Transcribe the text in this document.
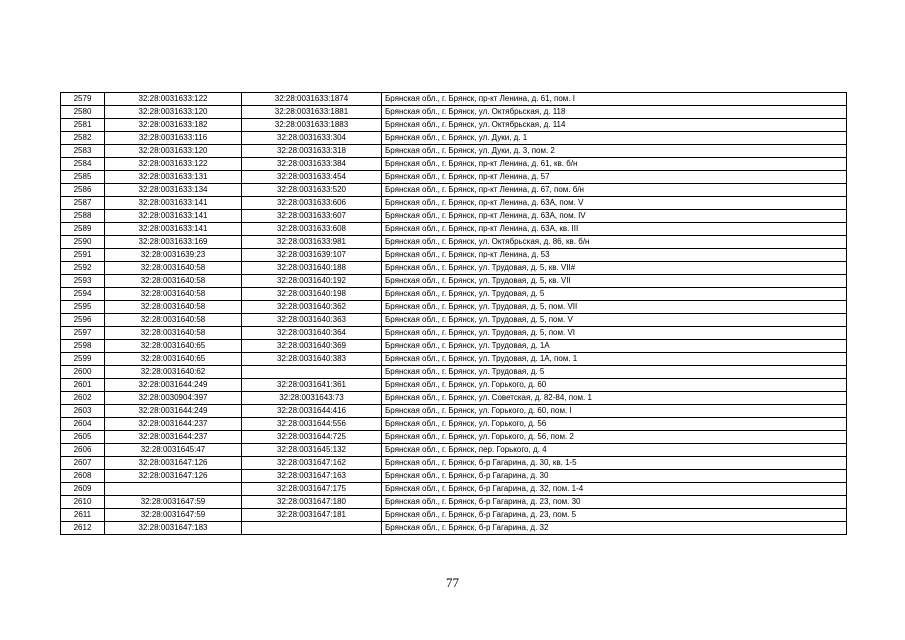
2579	32:28:0031633:122	32:28:0031633:1874	Брянская обл., г. Брянск, пр-кт Ленина, д. 61, пом. I
2580	32:28:0031633:120	32:28:0031633:1881	Брянская обл., г. Брянск, ул. Октябрьская, д. 118
2581	32:28:0031633:182	32:28:0031633:1883	Брянская обл., г. Брянск, ул. Октябрьская, д. 114
2582	32:28:0031633:116	32:28:0031633:304	Брянская обл., г. Брянск, ул. Дуки, д. 1
2583	32:28:0031633:120	32:28:0031633:318	Брянская обл., г. Брянск, ул. Дуки, д. 3, пом. 2
2584	32:28:0031633:122	32:28:0031633:384	Брянская обл., г. Брянск, пр-кт Ленина, д. 61, кв. б/н
2585	32:28:0031633:131	32:28:0031633:454	Брянская обл., г. Брянск, пр-кт Ленина, д. 57
2586	32:28:0031633:134	32:28:0031633:520	Брянская обл., г. Брянск, пр-кт Ленина, д. 67, пом. б/н
2587	32:28:0031633:141	32:28:0031633:606	Брянская обл., г. Брянск, пр-кт Ленина, д. 63А, пом. V
2588	32:28:0031633:141	32:28:0031633:607	Брянская обл., г. Брянск, пр-кт Ленина, д. 63А, пом. IV
2589	32:28:0031633:141	32:28:0031633:608	Брянская обл., г. Брянск, пр-кт Ленина, д. 63А, кв. III
2590	32:28:0031633:169	32:28:0031633:981	Брянская обл., г. Брянск, ул. Октябрьская, д. 86, кв. б/н
2591	32:28:0031639:23	32:28:0031639:107	Брянская обл., г. Брянск, пр-кт Ленина, д. 53
2592	32:28:0031640:58	32:28:0031640:188	Брянская обл., г. Брянск, ул. Трудовая, д. 5, кв. VII#
2593	32:28:0031640:58	32:28:0031640:192	Брянская обл., г. Брянск, ул. Трудовая, д. 5, кв. VII
2594	32:28:0031640:58	32:28:0031640:198	Брянская обл., г. Брянск, ул. Трудовая, д. 5
2595	32:28:0031640:58	32:28:0031640:362	Брянская обл., г. Брянск, ул. Трудовая, д. 5, пом. VII
2596	32:28:0031640:58	32:28:0031640:363	Брянская обл., г. Брянск, ул. Трудовая, д. 5, пом. V
2597	32:28:0031640:58	32:28:0031640:364	Брянская обл., г. Брянск, ул. Трудовая, д. 5, пом. VI
2598	32:28:0031640:65	32:28:0031640:369	Брянская обл., г. Брянск, ул. Трудовая, д. 1А
2599	32:28:0031640:65	32:28:0031640:383	Брянская обл., г. Брянск, ул. Трудовая, д. 1А, пом. 1
2600	32:28:0031640:62		Брянская обл., г. Брянск, ул. Трудовая, д. 5
2601	32:28:0031644:249	32:28:0031641:361	Брянская обл., г. Брянск, ул. Горького, д. 60
2602	32:28:0030904:397	32:28:0031643:73	Брянская обл., г. Брянск, ул. Советская, д. 82-84, пом. 1
2603	32:28:0031644:249	32:28:0031644:416	Брянская обл., г. Брянск, ул. Горького, д. 60, пом. I
2604	32:28:0031644:237	32:28:0031644:556	Брянская обл., г. Брянск, ул. Горького, д. 56
2605	32:28:0031644:237	32:28:0031644:725	Брянская обл., г. Брянск, ул. Горького, д. 56, пом. 2
2606	32:28:0031645:47	32:28:0031645:132	Брянская обл., г. Брянск, пер. Горького, д. 4
2607	32:28:0031647:126	32:28:0031647:162	Брянская обл., г. Брянск, б-р Гагарина, д. 30, кв. 1-5
2608	32:28:0031647:126	32:28:0031647:163	Брянская обл., г. Брянск, б-р Гагарина, д. 30
2609		32:28:0031647:175	Брянская обл., г. Брянск, б-р Гагарина, д. 32, пом. 1-4
2610	32:28:0031647:59	32:28:0031647:180	Брянская обл., г. Брянск, б-р Гагарина, д. 23, пом. 30
2611	32:28:0031647:59	32:28:0031647:181	Брянская обл., г. Брянск, б-р Гагарина, д. 23, пом. 5
2612	32:28:0031647:183		Брянская обл., г. Брянск, б-р Гагарина, д. 32
77
